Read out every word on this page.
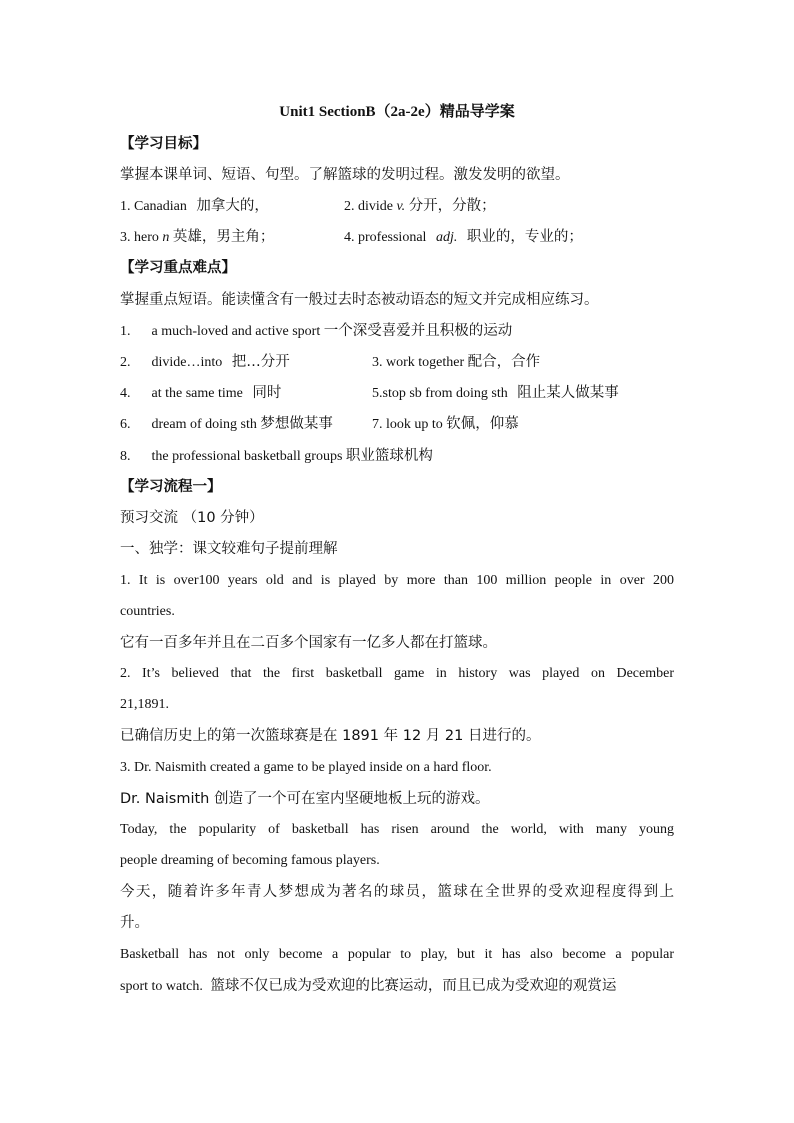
Unit1 SectionB（2a-2e）精品导学案
【学习目标】
掌握本课单词、短语、句型。了解篮球的发明过程。激发发明的欲望。
1. Canadian 加拿大的，	2. divide v. 分开，分散；
3. hero n 英雄，男主角；	4. professional adj. 职业的，专业的；
【学习重点难点】
掌握重点短语。能读懂含有一般过去时态被动语态的短文并完成相应练习。
1. a much-loved and active sport 一个深受喜爱并且积极的运动
2. divide…into 把…分开	3. work together 配合，合作
4. at the same time 同时	5.stop sb from doing sth 阻止某人做某事
6. dream of doing sth 梦想做某事	7. look up to 钦佩，仰慕
8. the professional basketball groups 职业篮球机构
【学习流程一】
预习交流 （10 分钟）
一、独学：课文较难句子提前理解
1. It is over100 years old and is played by more than 100 million people in over 200
countries.
它有一百多年并且在二百多个国家有一亿多人都在打篮球。
2. It’s believed that the first basketball game in history was played on December
21,1891.
已确信历史上的第一次篮球赛是在 1891 年 12 月 21 日进行的。
3. Dr. Naismith created a game to be played inside on a hard floor.
Dr. Naismith 创造了一个可在室内坚硬地板上玩的游戏。
Today, the popularity of basketball has risen around the world, with many young
people dreaming of becoming famous players.
今天，随着许多年青人梦想成为著名的球员，篮球在全世界的受欢迎程度得到上
升。
Basketball has not only become a popular to play, but it has also become a popular
sport to watch. 篮球不仅已成为受欢迎的比赛运动，而且已成为受欢迎的观赏运
